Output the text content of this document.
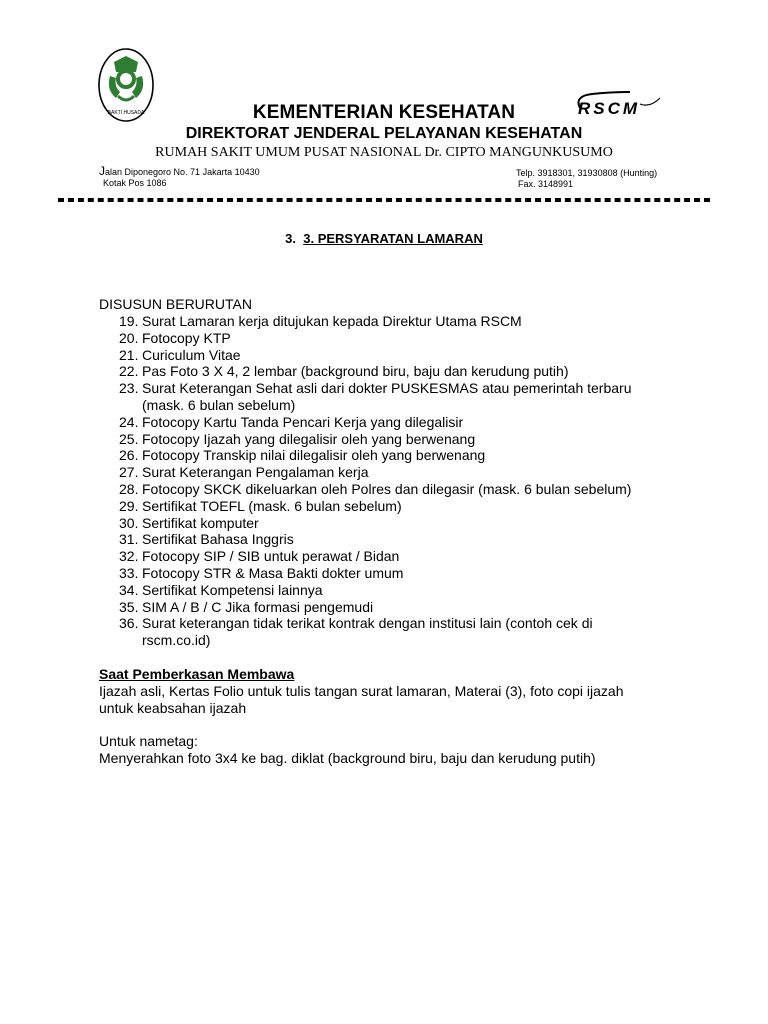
BAKTI HUSADA	RSCM
KEMENTERIAN KESEHATAN
DIREKTORAT JENDERAL PELAYANAN KESEHATAN
RUMAH SAKIT UMUM PUSAT NASIONAL Dr. CIPTO MANGUNKUSUMO
Jalan Diponegoro No. 71 Jakarta 10430
Kotak Pos 1086
Telp. 3918301, 31930808 (Hunting)
Fax. 3148991
3. 3. PERSYARATAN LAMARAN
DISUSUN BERURUTAN
19. Surat Lamaran kerja ditujukan kepada Direktur Utama RSCM
20. Fotocopy KTP
21. Curiculum Vitae
22. Pas Foto 3 X 4, 2 lembar (background biru, baju dan kerudung putih)
23. Surat Keterangan Sehat asli dari dokter PUSKESMAS atau pemerintah terbaru (mask. 6 bulan sebelum)
24. Fotocopy Kartu Tanda Pencari Kerja yang dilegalisir
25. Fotocopy Ijazah yang dilegalisir oleh yang berwenang
26. Fotocopy Transkip nilai dilegalisir oleh yang berwenang
27. Surat Keterangan Pengalaman kerja
28. Fotocopy SKCK dikeluarkan oleh Polres dan dilegasir (mask. 6 bulan sebelum)
29. Sertifikat TOEFL (mask. 6 bulan sebelum)
30. Sertifikat komputer
31. Sertifikat Bahasa Inggris
32. Fotocopy SIP / SIB untuk perawat / Bidan
33. Fotocopy STR & Masa Bakti dokter umum
34. Sertifikat Kompetensi lainnya
35. SIM A / B / C Jika formasi pengemudi
36. Surat keterangan tidak terikat kontrak dengan institusi lain (contoh cek di rscm.co.id)
Saat Pemberkasan Membawa
Ijazah asli, Kertas Folio untuk tulis tangan surat lamaran, Materai (3), foto copi ijazah
untuk keabsahan ijazah
Untuk nametag:
Menyerahkan foto 3x4 ke bag. diklat (background biru, baju dan kerudung putih)
